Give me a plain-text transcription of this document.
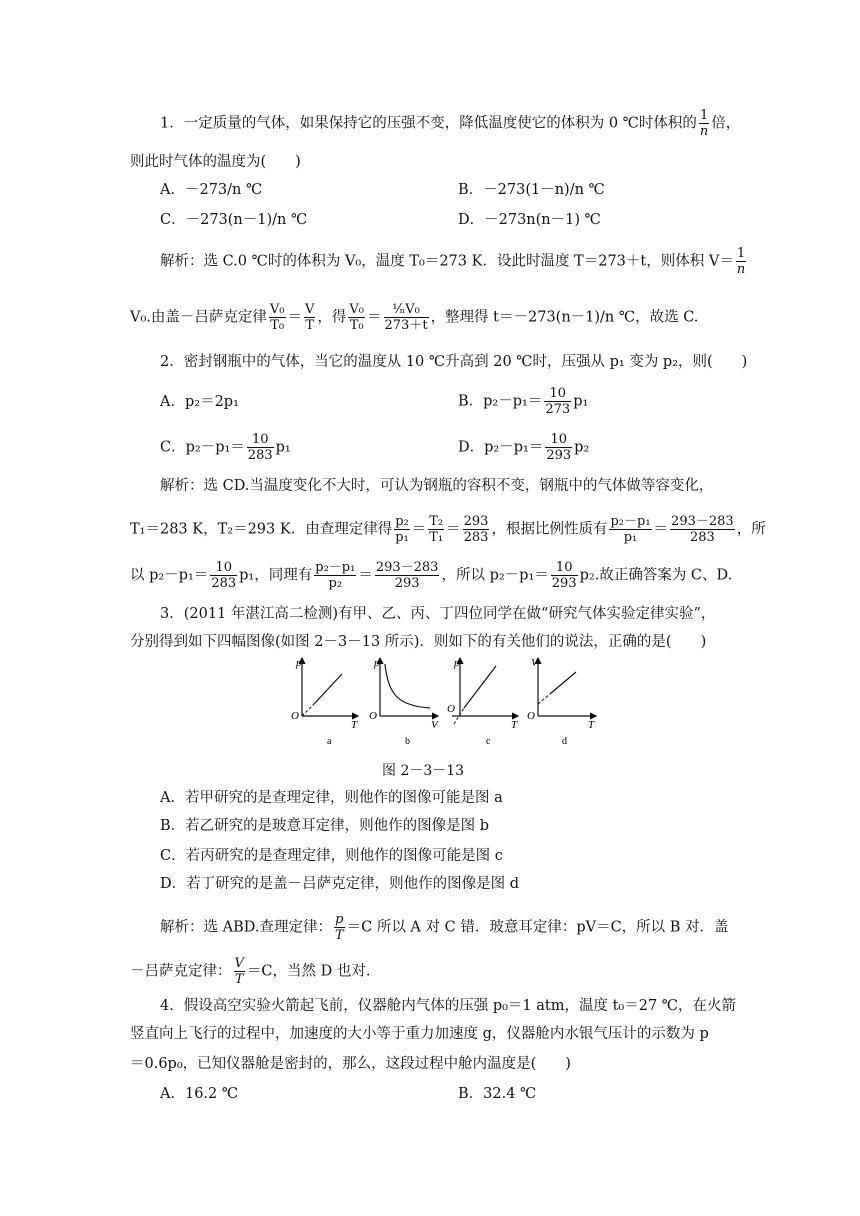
1．一定质量的气体，如果保持它的压强不变，降低温度使它的体积为 0 ℃时体积的 $\frac{1}{n}$ 倍，
则此时气体的温度为(　　)
A．－273/n ℃	B．－273(1－n)/n ℃
C．－273(n－1)/n ℃	D．－273n(n－1) ℃
解析：选 C.0 ℃时的体积为 V₀，温度 T₀＝273 K．设此时温度 T＝273＋t，则体积 $V= \frac{1}{n}$
V₀.由盖－吕萨克定律 $\frac{\text{V₀}}{\text{T₀}} = \frac{V}{T}$ ，得 $\frac{\text{V₀}}{\text{T₀}} = \frac{\text{¹⁄ₙV₀}}{273+t}$ ，整理得 t＝－273(n－1)/n ℃，故选 C.
2．密封钢瓶中的气体，当它的温度从 10 ℃升高到 20 ℃时，压强从 p₁ 变为 p₂，则(　　)
A．p₂＝2p₁	B．$p_2-p_1= \frac{10}{273} p_1$
C．$p_2-p_1= \frac{10}{283} p_1$	D．$p_2-p_1= \frac{10}{293} p_2$
解析：选 CD.当温度变化不大时，可认为钢瓶的容积不变，钢瓶中的气体做等容变化，
T₁＝283 K，T₂＝293 K．由查理定律得 $\frac{\text{p₂}}{\text{p₁}} = \frac{\text{T₂}}{\text{T₁}} = \frac{293}{283}$ ，根据比例性质有 $\frac{\text{p₂－p₁}}{\text{p₁}} = \frac{293-283}{283}$ ，所
以 $p_2-p_1= \frac{10}{283} p_1$，同理有 $\frac{\text{p₂－p₁}}{\text{p₂}} = \frac{293-283}{293}$ ，所以 $p_2-p_1= \frac{10}{293} p_2$.故正确答案为 C、D.
3．(2011 年湛江高二检测)有甲、乙、丙、丁四位同学在做“研究气体实验定律实验”，
分别得到如下四幅图像(如图 2－3－13 所示)．则如下的有关他们的说法，正确的是(　　)
p
T
O
a
p
V
O
b
p
T
O
c
V
T
O
d
图 2－3－13
A．若甲研究的是查理定律，则他作的图像可能是图 a
B．若乙研究的是玻意耳定律，则他作的图像是图 b
C．若丙研究的是查理定律，则他作的图像可能是图 c
D．若丁研究的是盖－吕萨克定律，则他作的图像是图 d
解析：选 ABD.查理定律： $\frac{p}{T} =C$ 所以 A 对 C 错．玻意耳定律：pV＝C，所以 B 对．盖
－吕萨克定律： $\frac{V}{T} =C$，当然 D 也对.
4．假设高空实验火箭起飞前，仪器舱内气体的压强 p₀＝1 atm，温度 t₀＝27 ℃，在火箭
竖直向上飞行的过程中，加速度的大小等于重力加速度 g，仪器舱内水银气压计的示数为 p
＝0.6p₀，已知仪器舱是密封的，那么，这段过程中舱内温度是(　　)
A．16.2 ℃	B．32.4 ℃
